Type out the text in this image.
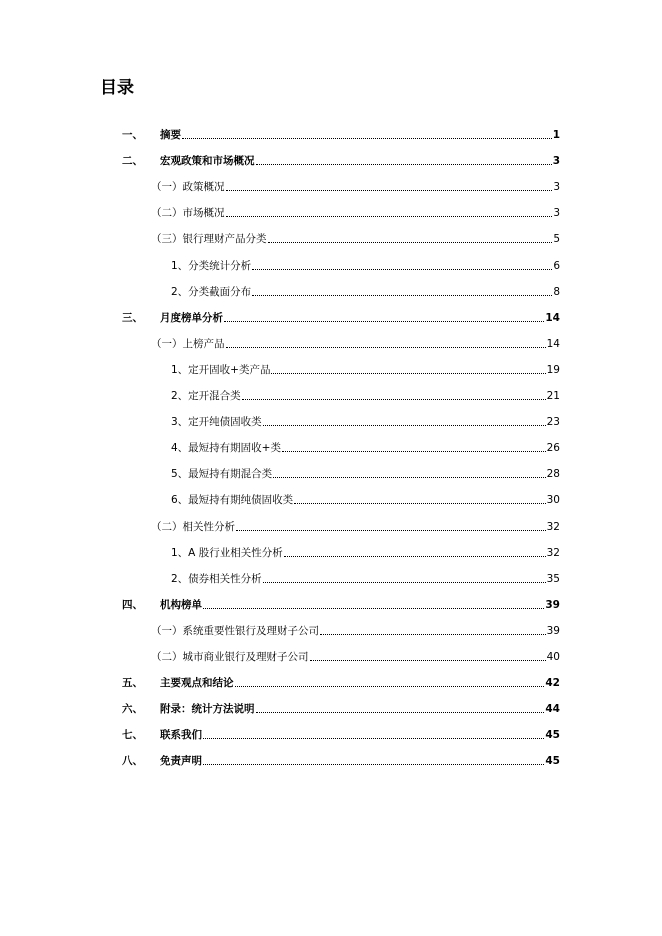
目录
一、	摘要	1
二、	宏观政策和市场概况	3
（一）政策概况	3
（二）市场概况	3
（三）银行理财产品分类	5
1、分类统计分析	6
2、分类截面分布	8
三、	月度榜单分析	14
（一）上榜产品	14
1、定开固收+类产品	19
2、定开混合类	21
3、定开纯债固收类	23
4、最短持有期固收+类	26
5、最短持有期混合类	28
6、最短持有期纯债固收类	30
（二）相关性分析	32
1、A 股行业相关性分析	32
2、债券相关性分析	35
四、	机构榜单	39
（一）系统重要性银行及理财子公司	39
（二）城市商业银行及理财子公司	40
五、	主要观点和结论	42
六、	附录：统计方法说明	44
七、	联系我们	45
八、	免责声明	45
